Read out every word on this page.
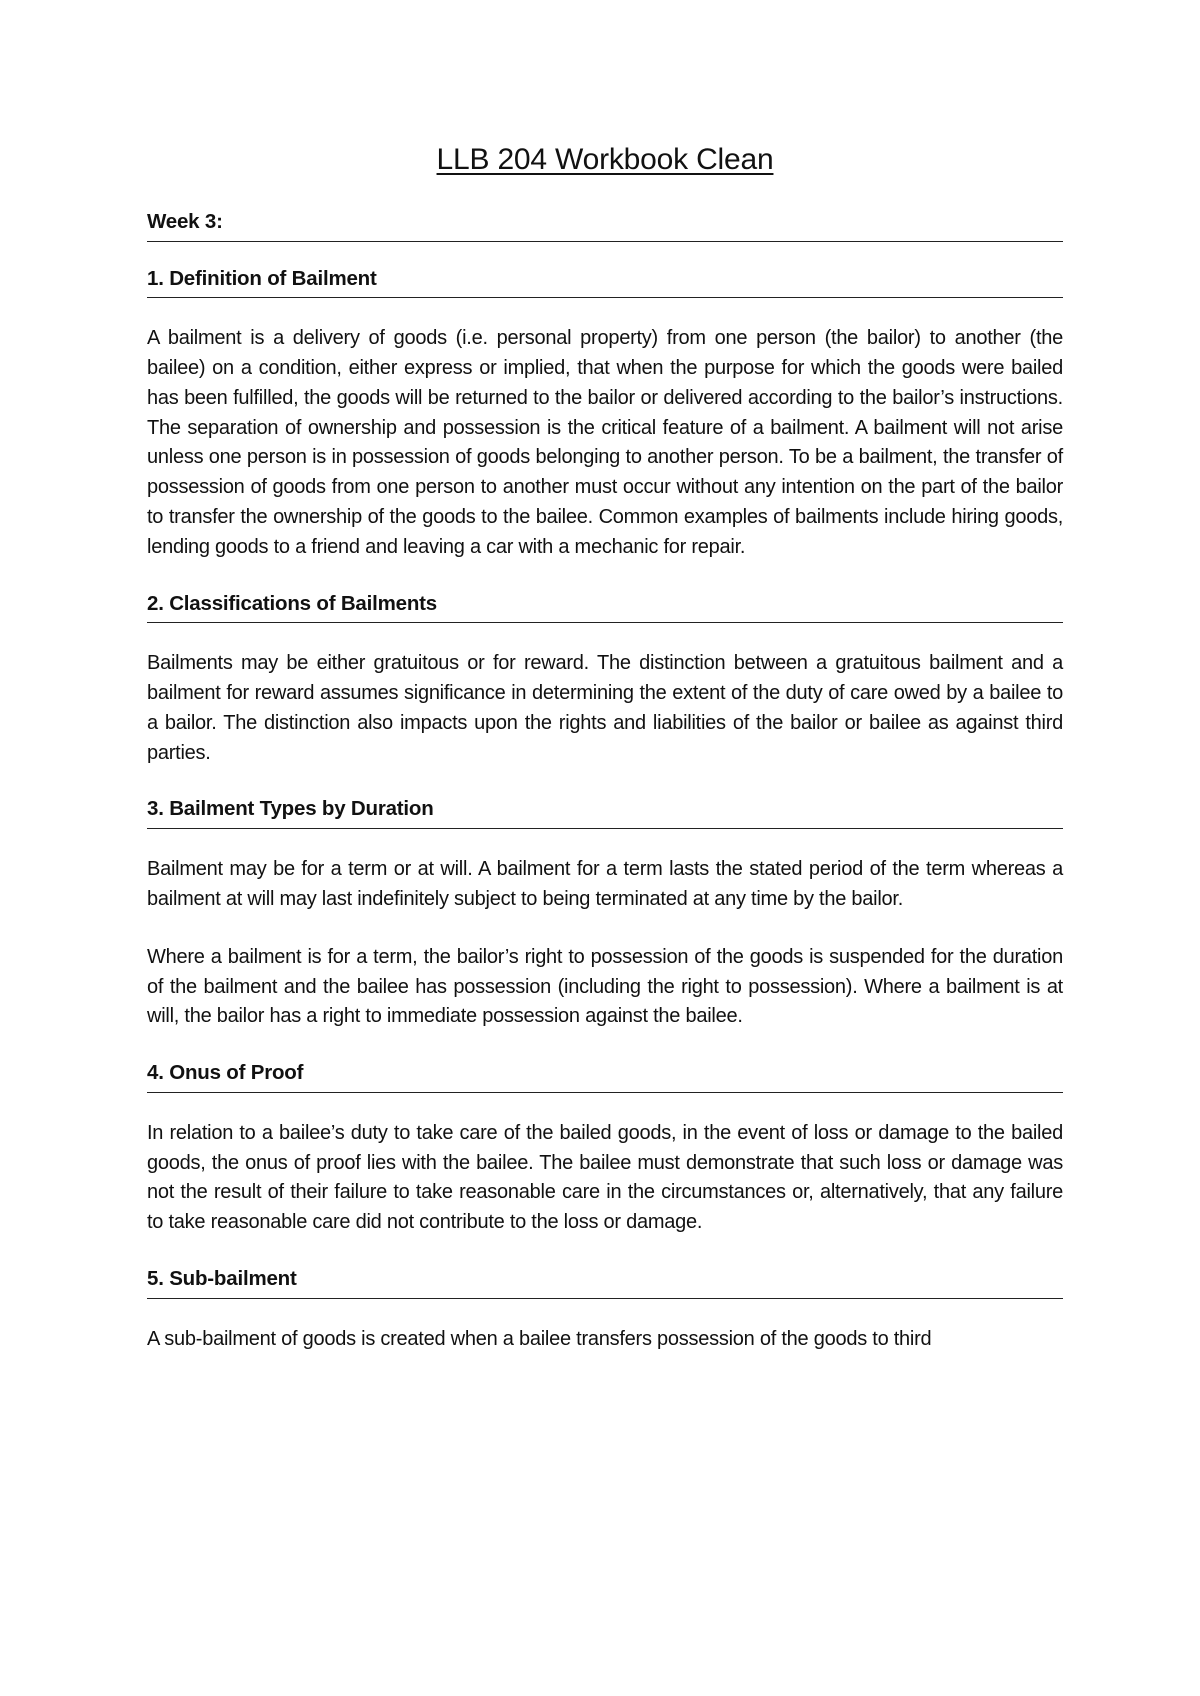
LLB 204 Workbook Clean
Week 3:
1. Definition of Bailment

A bailment is a delivery of goods (i.e. personal property) from one person (the bailor) to another (the bailee) on a condition, either express or implied, that when the purpose for which the goods were bailed has been fulfilled, the goods will be returned to the bailor or delivered according to the bailor’s instructions. The separation of ownership and possession is the critical feature of a bailment. A bailment will not arise unless one person is in possession of goods belonging to another person. To be a bailment, the transfer of possession of goods from one person to another must occur without any intention on the part of the bailor to transfer the ownership of the goods to the bailee. Common examples of bailments include hiring goods, lending goods to a friend and leaving a car with a mechanic for repair.

2. Classifications of Bailments

Bailments may be either gratuitous or for reward. The distinction between a gratuitous bailment and a bailment for reward assumes significance in determining the extent of the duty of care owed by a bailee to a bailor. The distinction also impacts upon the rights and liabilities of the bailor or bailee as against third parties.

3. Bailment Types by Duration

Bailment may be for a term or at will. A bailment for a term lasts the stated period of the term whereas a bailment at will may last indefinitely subject to being terminated at any time by the bailor.

Where a bailment is for a term, the bailor’s right to possession of the goods is suspended for the duration of the bailment and the bailee has possession (including the right to possession). Where a bailment is at will, the bailor has a right to immediate possession against the bailee.

4. Onus of Proof

In relation to a bailee’s duty to take care of the bailed goods, in the event of loss or damage to the bailed goods, the onus of proof lies with the bailee. The bailee must demonstrate that such loss or damage was not the result of their failure to take reasonable care in the circumstances or, alternatively, that any failure to take reasonable care did not contribute to the loss or damage.

5. Sub-bailment

A sub-bailment of goods is created when a bailee transfers possession of the goods to third
